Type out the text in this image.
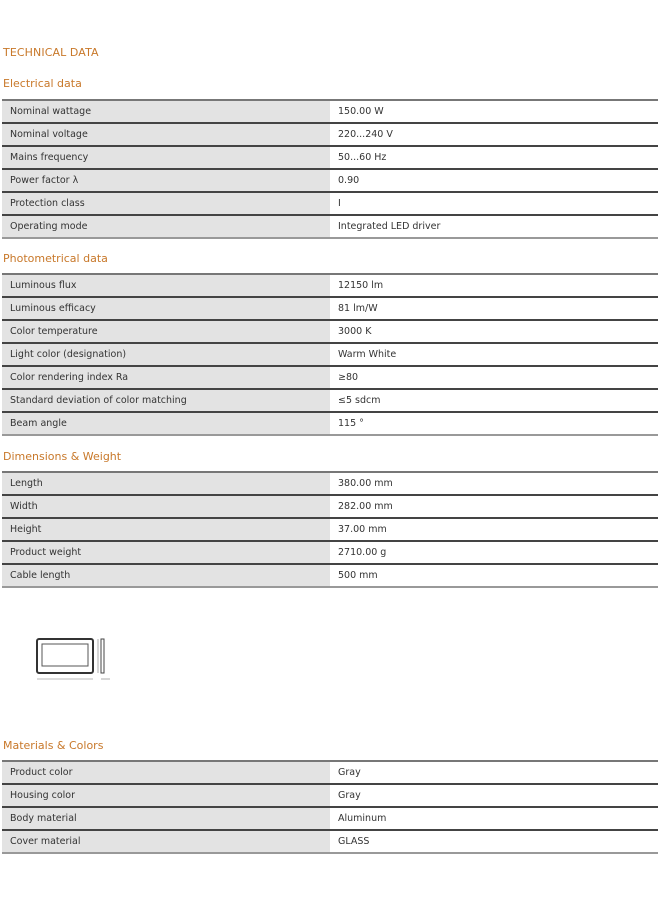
TECHNICAL DATA
Electrical data
Nominal wattage	150.00 W
Nominal voltage	220...240 V
Mains frequency	50...60 Hz
Power factor λ	0.90
Protection class	I
Operating mode	Integrated LED driver
Photometrical data
Luminous flux	12150 lm
Luminous efficacy	81 lm/W
Color temperature	3000 K
Light color (designation)	Warm White
Color rendering index Ra	≥80
Standard deviation of color matching	≤5 sdcm
Beam angle	115 °
Dimensions & Weight
Length	380.00 mm
Width	282.00 mm
Height	37.00 mm
Product weight	2710.00 g
Cable length	500 mm
Materials & Colors
Product color	Gray
Housing color	Gray
Body material	Aluminum
Cover material	GLASS
